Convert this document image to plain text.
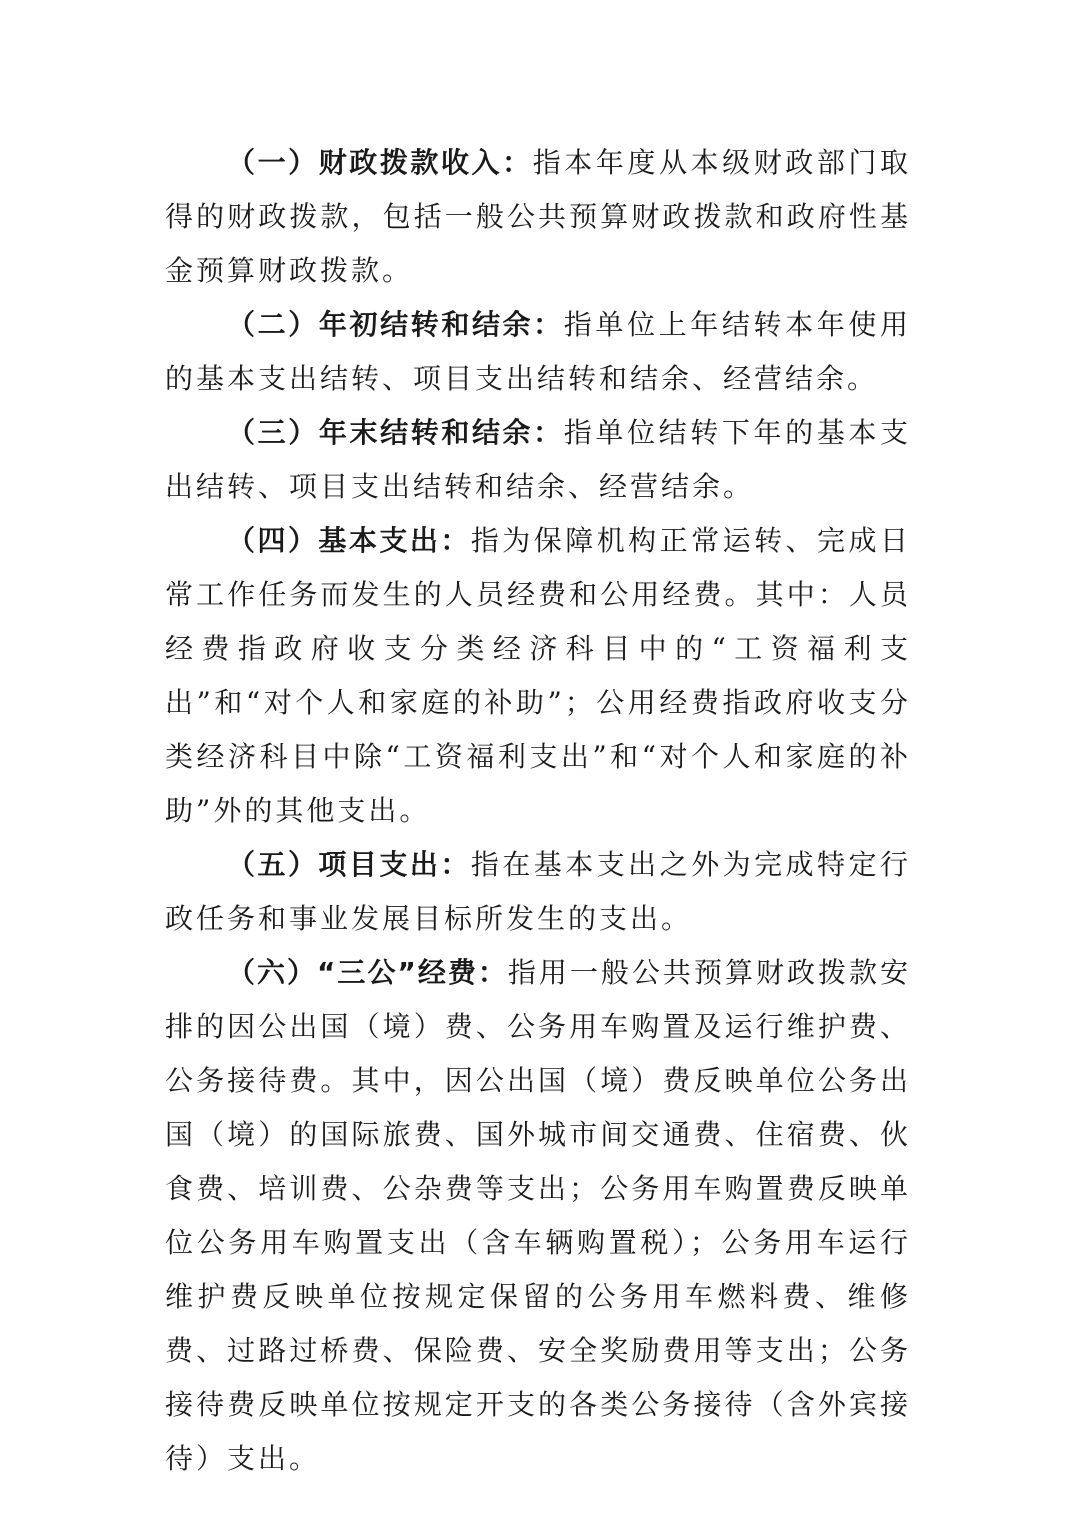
（一）财政拨款收入：指本年度从本级财政部门取得的财政拨款，包括一般公共预算财政拨款和政府性基金预算财政拨款。

（二）年初结转和结余：指单位上年结转本年使用的基本支出结转、项目支出结转和结余、经营结余。

（三）年末结转和结余：指单位结转下年的基本支出结转、项目支出结转和结余、经营结余。

（四）基本支出：指为保障机构正常运转、完成日常工作任务而发生的人员经费和公用经费。其中：人员经费指政府收支分类经济科目中的“工资福利支出”和“对个人和家庭的补助”；公用经费指政府收支分类经济科目中除“工资福利支出”和“对个人和家庭的补助”外的其他支出。

（五）项目支出：指在基本支出之外为完成特定行政任务和事业发展目标所发生的支出。

（六）“三公”经费：指用一般公共预算财政拨款安排的因公出国（境）费、公务用车购置及运行维护费、公务接待费。其中，因公出国（境）费反映单位公务出国（境）的国际旅费、国外城市间交通费、住宿费、伙食费、培训费、公杂费等支出；公务用车购置费反映单位公务用车购置支出（含车辆购置税）；公务用车运行维护费反映单位按规定保留的公务用车燃料费、维修费、过路过桥费、保险费、安全奖励费用等支出；公务接待费反映单位按规定开支的各类公务接待（含外宾接待）支出。
